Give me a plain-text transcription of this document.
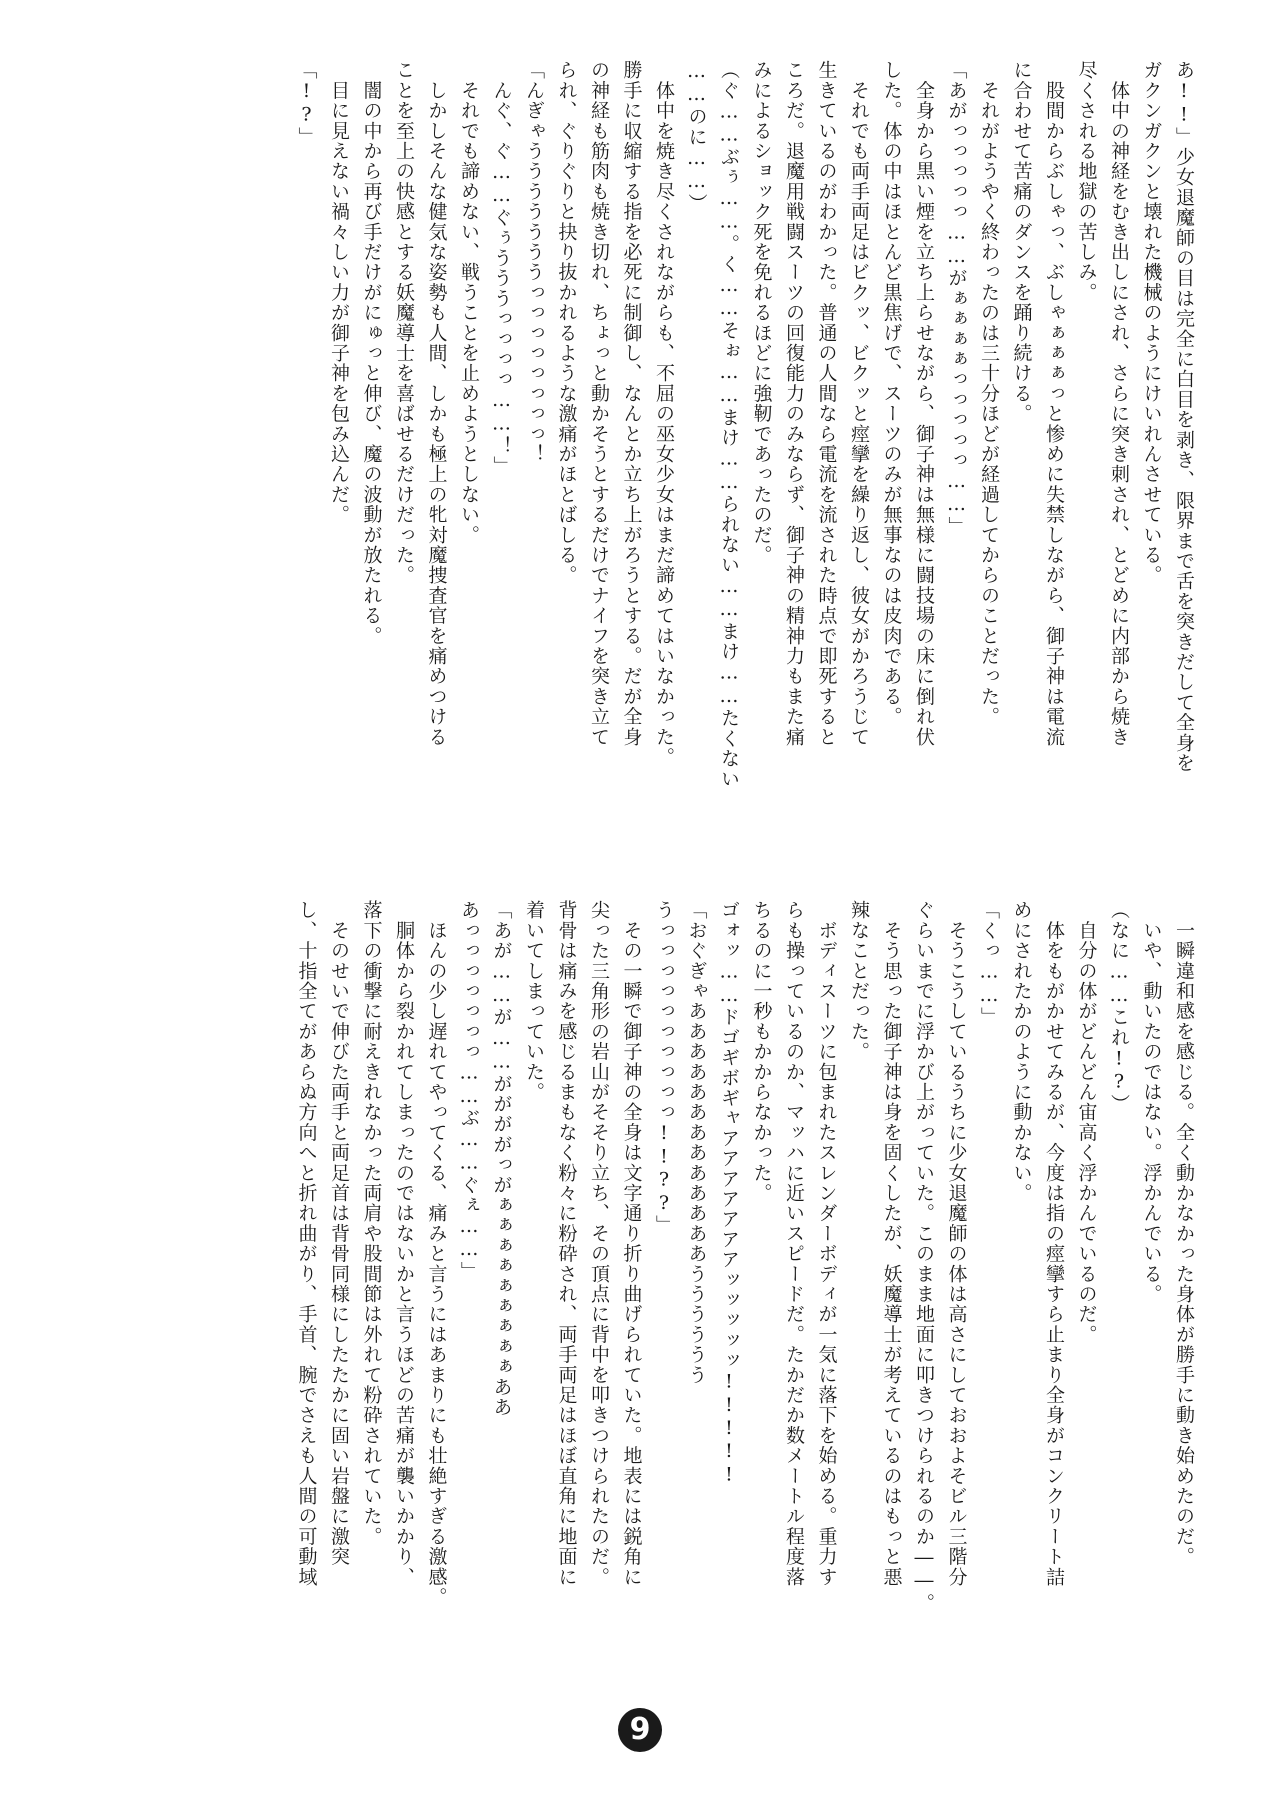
あ!!」少女退魔師の目は完全に白目を剥き、限界まで舌を突きだして全身を
ガクンガクンと壊れた機械のようにけいれんさせている。
　体中の神経をむき出しにされ、さらに突き刺され、とどめに内部から焼き
尽くされる地獄の苦しみ。
　股間からぶしゃっ、ぶしゃぁぁぁっと惨めに失禁しながら、御子神は電流
に合わせて苦痛のダンスを踊り続ける。
　それがようやく終わったのは三十分ほどが経過してからのことだった。
「あがっっっっっ……がぁぁぁぁっっっっっ……」
　全身から黒い煙を立ち上らせながら、御子神は無様に闘技場の床に倒れ伏
した。体の中はほとんど黒焦げで、スーツのみが無事なのは皮肉である。
　それでも両手両足はビクッ、ビクッと痙攣を繰り返し、彼女がかろうじて
生きているのがわかった。普通の人間なら電流を流された時点で即死すると
ころだ。退魔用戦闘スーツの回復能力のみならず、御子神の精神力もまた痛
みによるショック死を免れるほどに強靭であったのだ。
（ぐ……ぶぅ……。く……そぉ……まけ……られない……まけ……たくない
……のに……）
　体中を焼き尽くされながらも、不屈の巫女少女はまだ諦めてはいなかった。
勝手に収縮する指を必死に制御し、なんとか立ち上がろうとする。だが全身
の神経も筋肉も焼き切れ、ちょっと動かそうとするだけでナイフを突き立て
られ、ぐりぐりと抉り抜かれるような激痛がほとばしる。
「んぎゃうううううううっっっっっっっっ！
　んぐ、ぐ……ぐぅうううっっっっ……！」
　それでも諦めない、戦うことを止めようとしない。
　しかしそんな健気な姿勢も人間、しかも極上の牝対魔捜査官を痛めつける
ことを至上の快感とする妖魔導士を喜ばせるだけだった。
　闇の中から再び手だけがにゅっと伸び、魔の波動が放たれる。
　目に見えない禍々しい力が御子神を包み込んだ。
「!?」
　一瞬違和感を感じる。全く動かなかった身体が勝手に動き始めたのだ。
　いや、動いたのではない。浮かんでいる。
（なに……これ!?）
　自分の体がどんどん宙高く浮かんでいるのだ。
　体をもがかせてみるが、今度は指の痙攣すら止まり全身がコンクリート詰
めにされたかのように動かない。
「くっ……」
　そうこうしているうちに少女退魔師の体は高さにしておおよそビル三階分
ぐらいまでに浮かび上がっていた。このまま地面に叩きつけられるのか――。
　そう思った御子神は身を固くしたが、妖魔導士が考えているのはもっと悪
辣なことだった。
　ボディスーツに包まれたスレンダーボディが一気に落下を始める。重力す
らも操っているのか、マッハに近いスピードだ。たかだか数メートル程度落
ちるのに一秒もかからなかった。
ゴォッ……ドゴギボギャアアアアアアアッッッッッ!!!!!
「おぐぎゃあああああああああああああうううううう
うっっっっっっっっっっ!!??」
　その一瞬で御子神の全身は文字通り折り曲げられていた。地表には鋭角に
尖った三角形の岩山がそそり立ち、その頂点に背中を叩きつけられたのだ。
背骨は痛みを感じるまもなく粉々に粉砕され、両手両足はほぼ直角に地面に
着いてしまっていた。
「あが……が……ががががっがぁぁぁぁぁぁぁぁぁああ
あっっっっっっっ……ぶ……ぐぇ……」
　ほんの少し遅れてやってくる、痛みと言うにはあまりにも壮絶すぎる激感。
　胴体から裂かれてしまったのではないかと言うほどの苦痛が襲いかかり、
落下の衝撃に耐えきれなかった両肩や股間節は外れて粉砕されていた。
　そのせいで伸びた両手と両足首は背骨同様にしたたかに固い岩盤に激突
し、十指全てがあらぬ方向へと折れ曲がり、手首、腕でさえも人間の可動域
9
